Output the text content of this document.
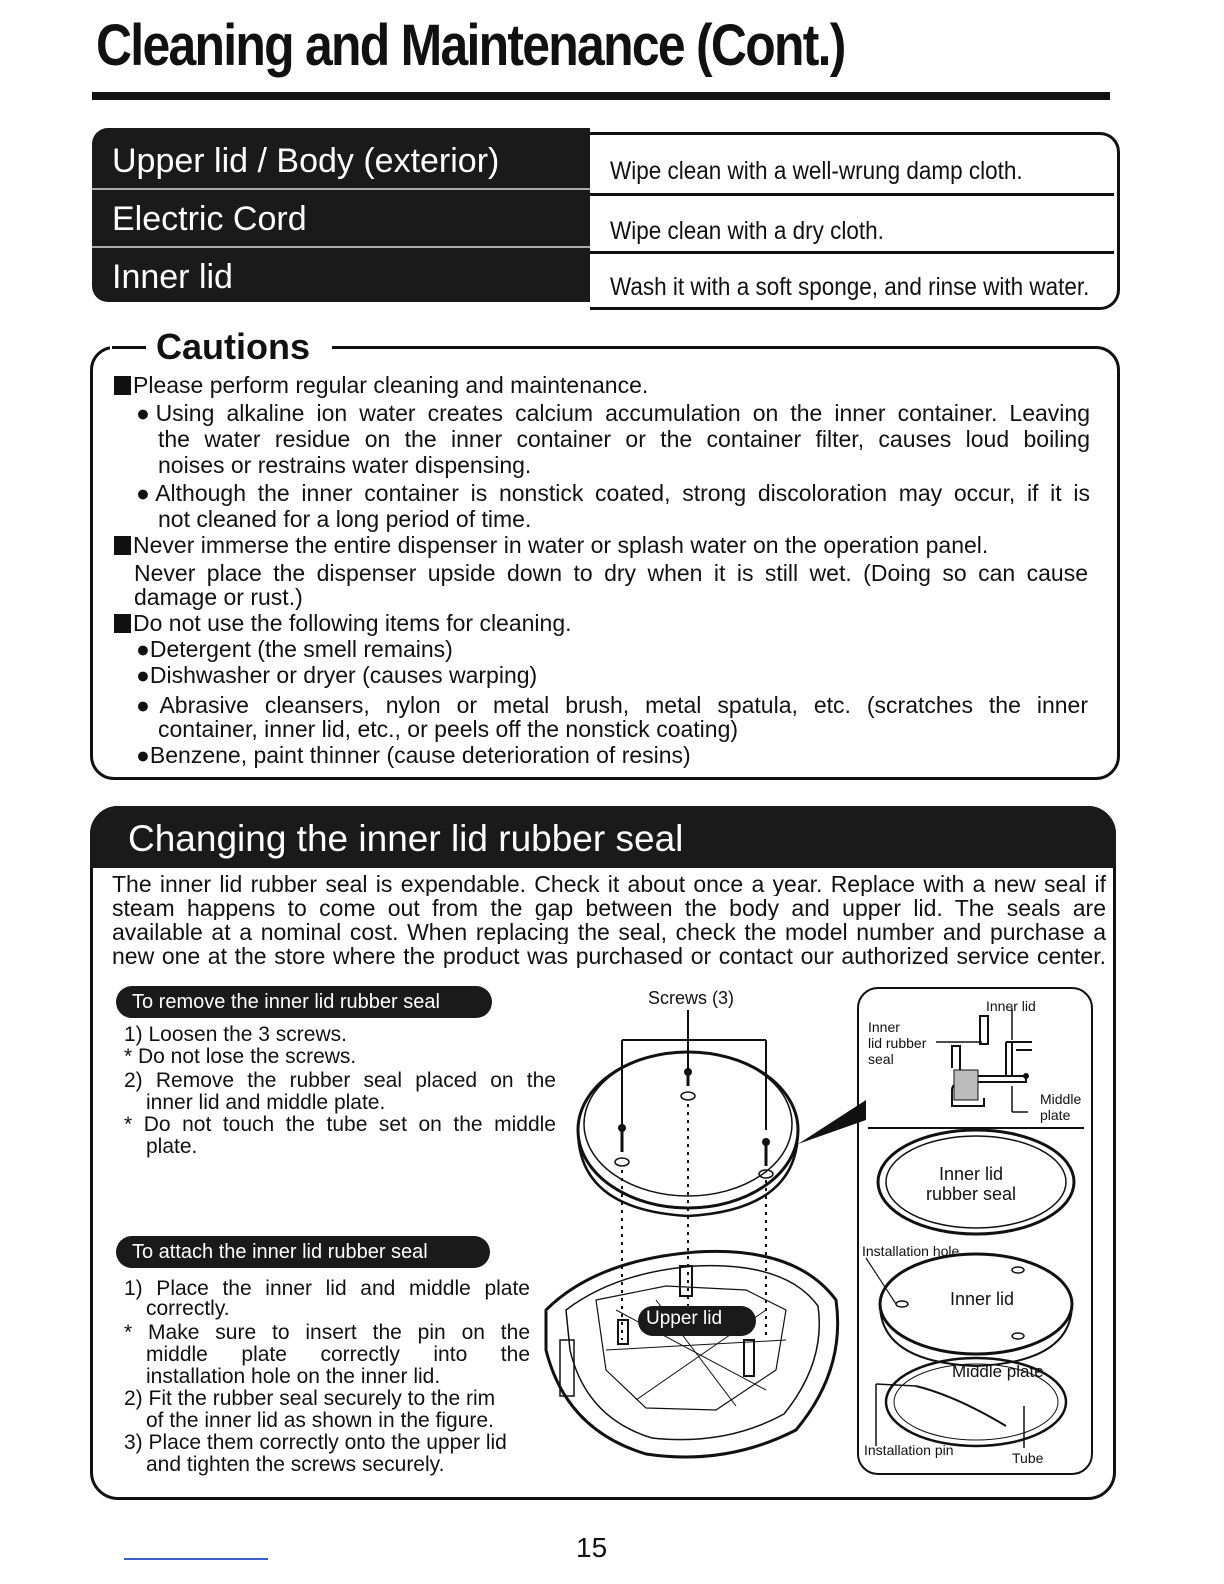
Cleaning and Maintenance (Cont.)
Upper lid / Body (exterior)
Electric Cord
Inner lid
Wipe clean with a well-wrung damp cloth.
Wipe clean with a dry cloth.
Wash it with a soft sponge, and rinse with water.
Cautions
Please perform regular cleaning and maintenance.
●Using alkaline ion water creates calcium accumulation on the inner container. Leaving
the water residue on the inner container or the container filter, causes loud boiling
noises or restrains water dispensing.
●Although the inner container is nonstick coated, strong discoloration may occur, if it is
not cleaned for a long period of time.
Never immerse the entire dispenser in water or splash water on the operation panel.
Never place the dispenser upside down to dry when it is still wet. (Doing so can cause
damage or rust.)
Do not use the following items for cleaning.
●Detergent (the smell remains)
●Dishwasher or dryer (causes warping)
●Abrasive cleansers, nylon or metal brush, metal spatula, etc. (scratches the inner
container, inner lid, etc., or peels off the nonstick coating)
●Benzene, paint thinner (cause deterioration of resins)
Changing the inner lid rubber seal
The inner lid rubber seal is expendable. Check it about once a year. Replace with a new seal if
steam happens to come out from the gap between the body and upper lid. The seals are
available at a nominal cost. When replacing the seal, check the model number and purchase a
new one at the store where the product was purchased or contact our authorized service center.
To remove the inner lid rubber seal
1) Loosen the 3 screws.
* Do not lose the screws.
2) Remove the rubber seal placed on the
inner lid and middle plate.
* Do not touch the tube set on the middle
plate.
To attach the inner lid rubber seal
1) Place the inner lid and middle plate
correctly.
* Make sure to insert the pin on the
middle plate correctly into the
installation hole on the inner lid.
2) Fit the rubber seal securely to the rim
of the inner lid as shown in the figure.
3) Place them correctly onto the upper lid
and tighten the screws securely.
Screws (3)
Upper lid
Inner lid
Inner
lid rubber
seal
Middle
plate
Inner lid
rubber seal
Installation hole
Inner lid
Middle plate
Installation pin	Tube
15
